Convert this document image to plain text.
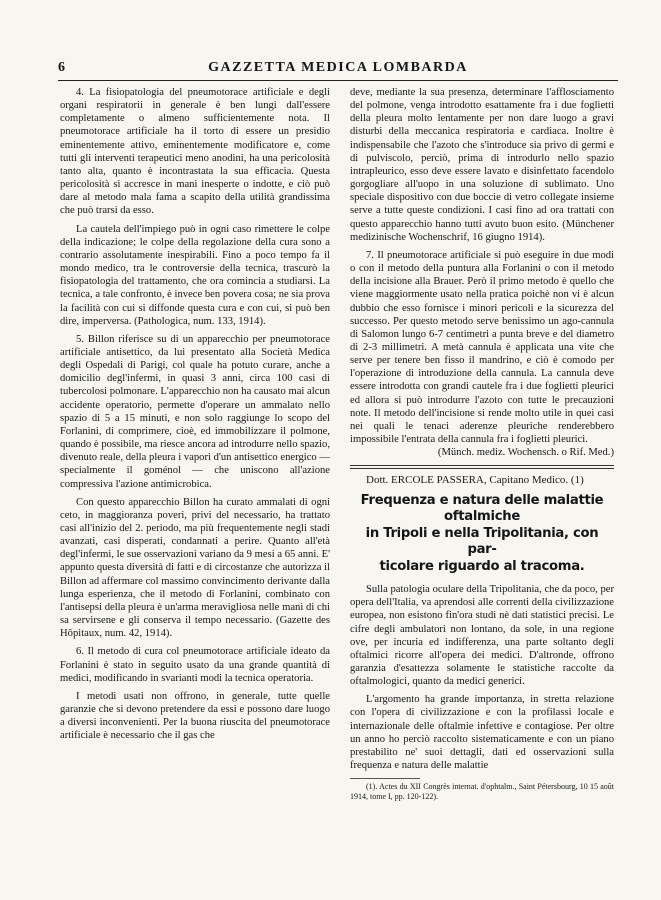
6	GAZZETTA MEDICA LOMBARDA

4. La fisiopatologia del pneumotorace artificiale e degli organi respiratorii in generale è ben lungi dall'essere completamente o almeno sufficientemente nota. Il pneumotorace artificiale ha il torto di essere un presidio eminentemente attivo, eminentemente modificatore e, come tutti gli interventi terapeutici meno anodini, ha una pericolosità tanto alta, quanto è incontrastata la sua efficacia. Questa pericolosità si accresce in mani inesperte o indotte, e ciò può dare al metodo mala fama a scapito della utilità grandissima che può trarsi da esso.

La cautela dell'impiego può in ogni caso rimettere le colpe della indicazione; le colpe della regolazione della cura sono a contrario assolutamente inespirabili. Fino a poco tempo fa il mondo medico, tra le controversie della tecnica, trascurò la fisiopatologia del trattamento, che ora comincia a studiarsi. La tecnica, a tale confronto, è invece ben povera cosa; ne sia prova la facilità con cui si diffonde questa cura e con cui, si può ben dire, imperversa. (Pathologica, num. 133, 1914).

5. Billon riferisce su di un apparecchio per pneumotorace artificiale antisettico, da lui presentato alla Società Medica degli Ospedali di Parigi, col quale ha potuto curare, anche a domicilio degl'infermi, in quasi 3 anni, circa 100 casi di tubercolosi polmonare. L'apparecchio non ha causato mai alcun accidente operatorio, permette d'operare un ammalato nello spazio di 5 a 15 minuti, e non solo raggiunge lo scopo del Forlanini, di comprimere, cioè, ed immobilizzare il polmone, quando è possibile, ma riesce ancora ad introdurre nello spazio, divenuto reale, della pleura i vapori d'un antisettico energico — specialmente il goménol — che uniscono all'azione compressiva l'azione antimicrobica.

Con questo apparecchio Billon ha curato ammalati di ogni ceto, in maggioranza poveri, privi del necessario, ha trattato casi all'inizio del 2. periodo, ma più frequentemente negli stadi avanzati, casi disperati, condannati a perire. Quanto all'età degl'infermi, le sue osservazioni variano da 9 mesi a 65 anni. E' appunto questa diversità di fatti e di circostanze che autorizza il Billon ad affermare col massimo convincimento derivante dalla lunga esperienza, che il metodo di Forlanini, combinato con l'antisepsi della pleura è un'arma meravigliosa nelle mani di chi sa servirsene e gli conserva il tempo necessario. (Gazette des Hôpitaux, num. 42, 1914).

6. Il metodo di cura col pneumotorace artificiale ideato da Forlanini è stato in seguito usato da una grande quantità di medici, modificando in svarianti modi la tecnica operatoria.

I metodi usati non offrono, in generale, tutte quelle garanzie che si devono pretendere da essi e possono dare luogo a diversi inconvenienti. Per la buona riuscita del pneumotorace artificiale è necessario che il gas che

deve, mediante la sua presenza, determinare l'afflosciamento del polmone, venga introdotto esattamente fra i due foglietti della pleura molto lentamente per non dare luogo a gravi disturbi della meccanica respiratoria e cardiaca. Inoltre è indispensabile che l'azoto che s'introduce sia privo di germi e di pulviscolo, perciò, prima di introdurlo nello spazio intrapleurico, esso deve essere lavato e disinfettato facendolo gorgogliare all'uopo in una soluzione di sublimato. Uno speciale dispositivo con due boccie di vetro collegate insieme serve a tutte queste condizioni. I casi fino ad ora trattati con questo apparecchio hanno tutti avuto buon esito. (Münchener medizinische Wochenschrif, 16 giugno 1914).

7. Il pneumotorace artificiale si può eseguire in due modi o con il metodo della puntura alla Forlanini o con il metodo della incisione alla Brauer. Però il primo metodo è quello che viene maggiormente usato nella pratica poichè non vi è alcun dubbio che esso fornisce i minori pericoli e la sicurezza del successo. Per questo metodo serve benissimo un ago-cannula di Salomon lungo 6-7 centimetri a punta breve e del diametro di 2-3 millimetri. A metà cannula è applicata una vite che serve per tenere ben fisso il mandrino, e ciò è comodo per l'operazione di introduzione della cannula. La cannula deve essere introdotta con grandi cautele fra i due foglietti pleurici ed allora si può introdurre l'azoto con tutte le precauzioni note. Il metodo dell'incisione si rende molto utile in quei casi nei quali le tenaci aderenze pleuriche renderebbero impossibile l'entrata della cannula fra i foglietti pleurici.

(Münch. mediz. Wochensch. o Rif. Med.)

Dott. ERCOLE PASSERA, Capitano Medico. (1)

Frequenza e natura delle malattie oftalmiche
in Tripoli e nella Tripolitania, con par-
ticolare riguardo al tracoma.

Sulla patologia oculare della Tripolitania, che da poco, per opera dell'Italia, va aprendosi alle correnti della civilizzazione europea, non esistono fin'ora studi nè dati statistici precisi. Le cifre degli ambulatori non lontano, da sole, in una regione ove, per incuria ed indifferenza, una parte soltanto degli oftalmici ricorre all'opera dei medici. D'altronde, offrono garanzia d'esattezza solamente le statistiche raccolte da oftalmologici, quanto da medici generici.

L'argomento ha grande importanza, in stretta relazione con l'opera di civilizzazione e con la profilassi locale e internazionale delle oftalmie infettive e contagiose. Per oltre un anno ho perciò raccolto sistematicamente e con un piano prestabilito ne' suoi dettagli, dati ed osservazioni sulla frequenza e natura delle malattie

(1). Actes du XII Congrès internat. d'ophtalm., Saint Pétersbourg, 10 15 août 1914, tome I, pp. 120-122).
